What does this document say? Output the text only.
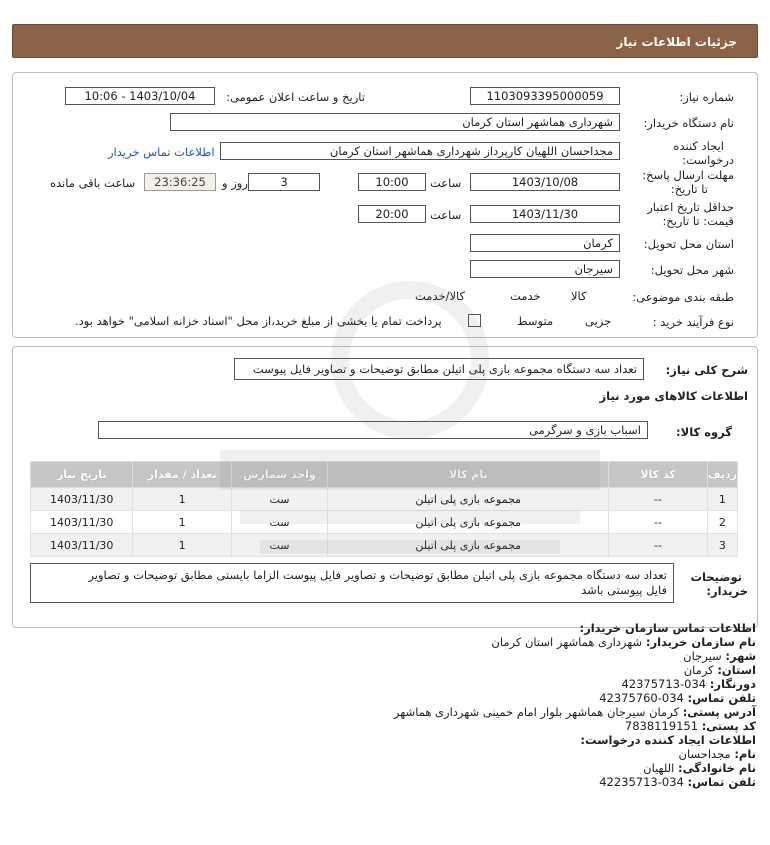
جزئیات اطلاعات نیاز
شماره نیاز:
1103093395000059
تاریخ و ساعت اعلان عمومی:
1403/10/04 - 10:06
نام دستگاه خریدار:
شهرداری هماشهر استان کرمان
ایجاد کننده
درخواست:
مجداحسان اللهیان کارپرداز شهرداری هماشهر استان کرمان
اطلاعات تماس خریدار
مهلت ارسال پاسخ:
تا تاریخ:
1403/10/08
ساعت
10:00
3
روز و
23:36:25
ساعت باقی مانده
حداقل تاریخ اعتبار
قیمت: تا تاریخ:
1403/11/30
ساعت
20:00
استان محل تحویل:
کرمان
شهر محل تحویل:
سیرجان
طبقه بندی موضوعی:

کالا

خدمت

کالا/خدمت
نوع فرآیند خرید :

جزیی
متوسط
پرداخت تمام یا بخشی از مبلغ خرید،از محل "اسناد خزانه اسلامی" خواهد بود.
شرح کلی نیاز:
تعداد سه دستگاه مجموعه بازی پلی اتیلن مطابق توضیحات و تصاویر فایل پیوست
اطلاعات کالاهای مورد نیاز
گروه کالا:
اسباب بازی و سرگرمی
ردیف	کد کالا	نام کالا	واحد شمارش	تعداد / مقدار	تاریخ نیاز
1	--	مجموعه بازی پلی اتیلن	ست	1	1403/11/30
2	--	مجموعه بازی پلی اتیلن	ست	1	1403/11/30
3	--	مجموعه بازی پلی اتیلن	ست	1	1403/11/30
توضیحات
خریدار:
تعداد سه دستگاه مجموعه بازی پلی اتیلن مطابق توضیحات و تصاویر فایل پیوست الزاما بایستی مطابق توضیحات و تصاویر
فایل پیوستی باشد
اطلاعات تماس سازمان خریدار:
نام سازمان خریدار: شهرداری هماشهر استان کرمان
شهر: سیرجان
استان: کرمان
دورنگار: 034-42375713
تلفن تماس: 034-42375760
آدرس پستی: کرمان سیرجان هماشهر بلوار امام خمینی شهرداری هماشهر
کد پستی: 7838119151
اطلاعات ایجاد کننده درخواست:
نام: مجداحسان
نام خانوادگی: اللهیان
تلفن تماس: 034-42235713
